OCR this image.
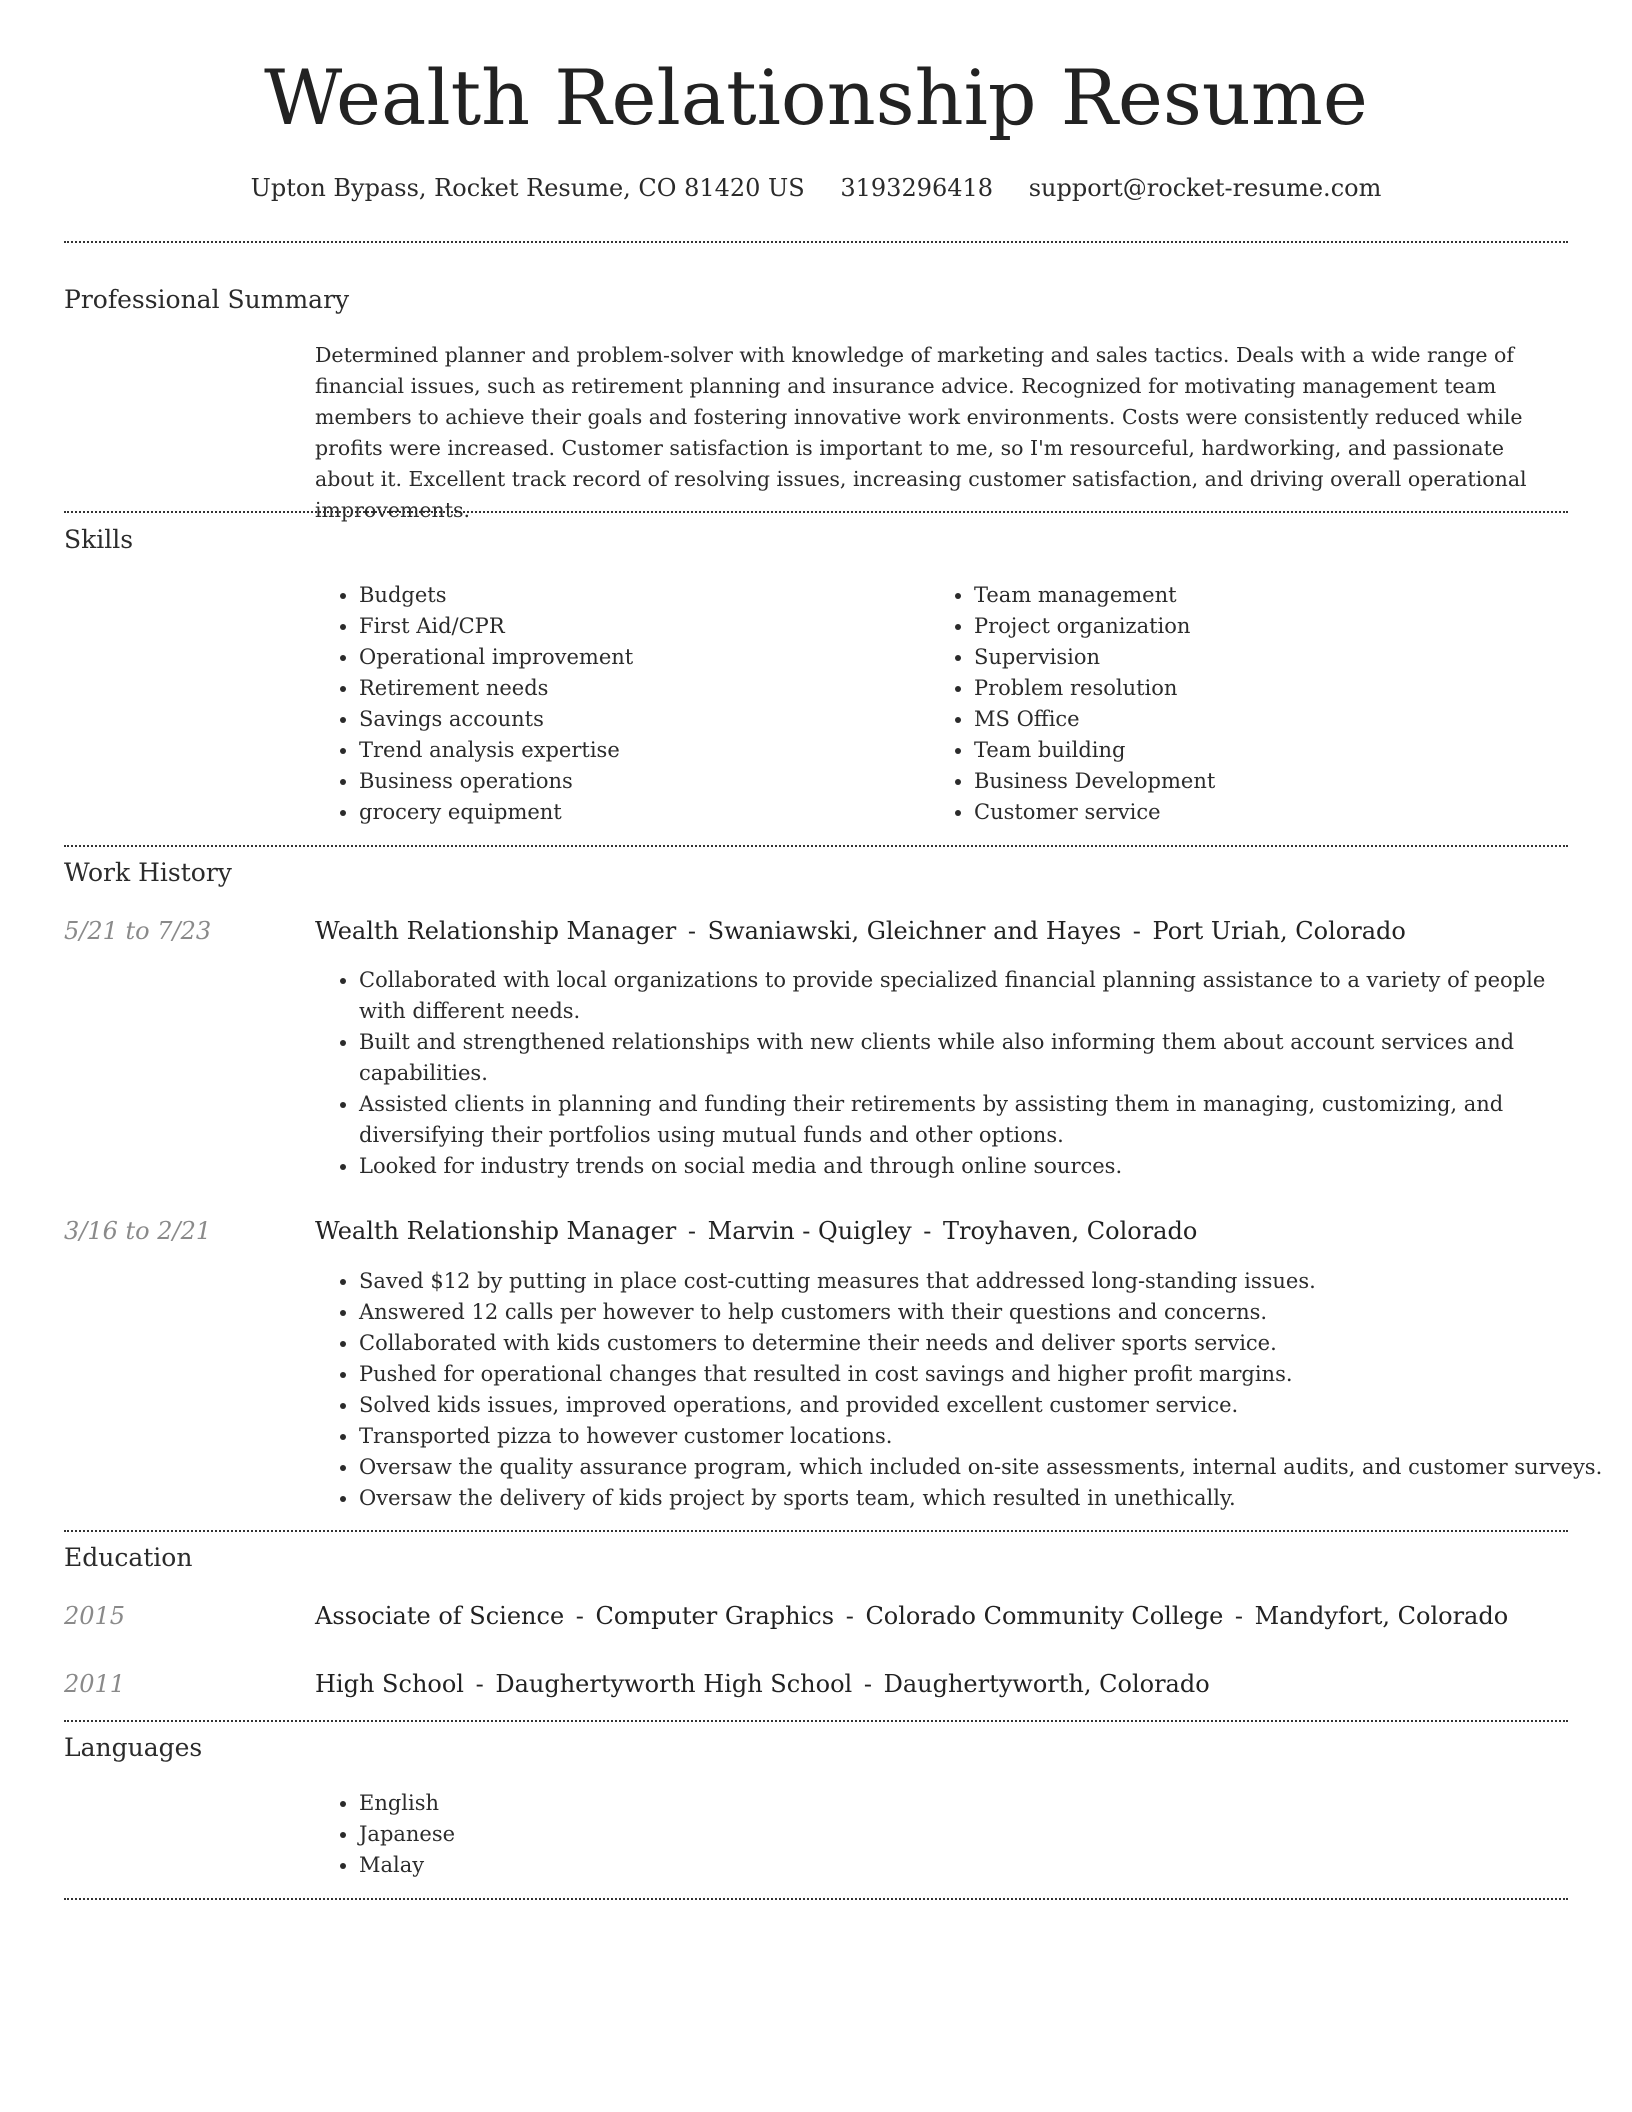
Wealth Relationship Resume
Upton Bypass, Rocket Resume, CO 81420 US 3193296418 support@rocket-resume.com
Professional Summary
Determined planner and problem-solver with knowledge of marketing and sales tactics. Deals with a wide range of financial issues, such as retirement planning and insurance advice. Recognized for motivating management team members to achieve their goals and fostering innovative work environments. Costs were consistently reduced while profits were increased. Customer satisfaction is important to me, so I'm resourceful, hardworking, and passionate about it. Excellent track record of resolving issues, increasing customer satisfaction, and driving overall operational improvements.
Skills
• Budgets
• First Aid/CPR
• Operational improvement
• Retirement needs
• Savings accounts
• Trend analysis expertise
• Business operations
• grocery equipment
• Team management
• Project organization
• Supervision
• Problem resolution
• MS Office
• Team building
• Business Development
• Customer service
Work History
5/21 to 7/23	Wealth Relationship Manager - Swaniawski, Gleichner and Hayes - Port Uriah, Colorado
• Collaborated with local organizations to provide specialized financial planning assistance to a variety of people with different needs.
• Built and strengthened relationships with new clients while also informing them about account services and capabilities.
• Assisted clients in planning and funding their retirements by assisting them in managing, customizing, and diversifying their portfolios using mutual funds and other options.
• Looked for industry trends on social media and through online sources.
3/16 to 2/21	Wealth Relationship Manager - Marvin - Quigley - Troyhaven, Colorado
• Saved $12 by putting in place cost-cutting measures that addressed long-standing issues.
• Answered 12 calls per however to help customers with their questions and concerns.
• Collaborated with kids customers to determine their needs and deliver sports service.
• Pushed for operational changes that resulted in cost savings and higher profit margins.
• Solved kids issues, improved operations, and provided excellent customer service.
• Transported pizza to however customer locations.
• Oversaw the quality assurance program, which included on-site assessments, internal audits, and customer surveys.
• Oversaw the delivery of kids project by sports team, which resulted in unethically.
Education
2015	Associate of Science - Computer Graphics - Colorado Community College - Mandyfort, Colorado
2011	High School - Daughertyworth High School - Daughertyworth, Colorado
Languages
• English
• Japanese
• Malay
